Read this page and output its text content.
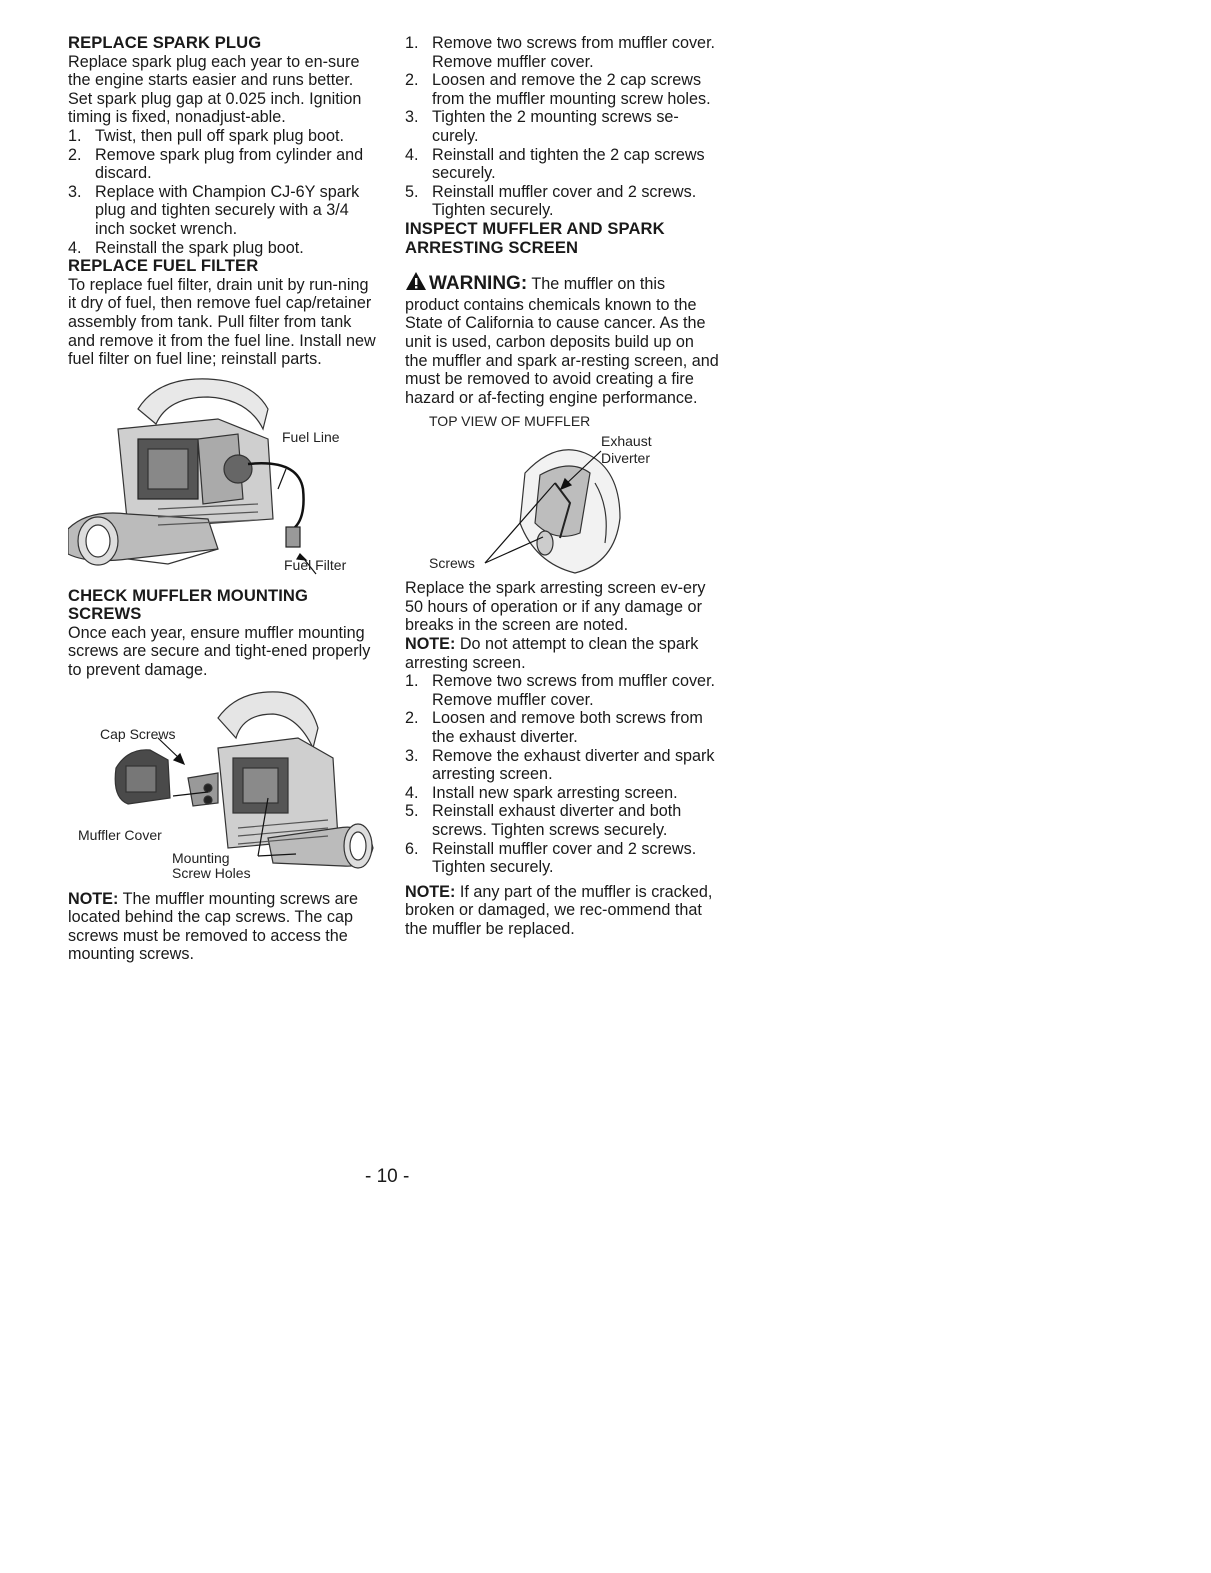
REPLACE SPARK PLUG

Replace spark plug each year to en-sure the engine starts easier and runs better. Set spark plug gap at 0.025 inch. Ignition timing is fixed, nonadjust-able.

1. Twist, then pull off spark plug boot.
2. Remove spark plug from cylinder and discard.
3. Replace with Champion CJ-6Y spark plug and tighten securely with a 3/4 inch socket wrench.
4. Reinstall the spark plug boot.

REPLACE FUEL FILTER

To replace fuel filter, drain unit by run-ning it dry of fuel, then remove fuel cap/retainer assembly from tank. Pull filter from tank and remove it from the fuel line. Install new fuel filter on fuel line; reinstall parts.

Fuel Line
Fuel Filter

CHECK MUFFLER MOUNTING

SCREWS

Once each year, ensure muffler mounting screws are secure and tight-ened properly to prevent damage.

Cap Screws
Muffler Cover
Mounting
Screw Holes

NOTE: The muffler mounting screws are located behind the cap screws. The cap screws must be removed to access the mounting screws.

1. Remove two screws from muffler cover. Remove muffler cover.
2. Loosen and remove the 2 cap screws from the muffler mounting screw holes.
3. Tighten the 2 mounting screws se-curely.
4. Reinstall and tighten the 2 cap screws securely.
5. Reinstall muffler cover and 2 screws. Tighten securely.

INSPECT MUFFLER AND SPARK

ARRESTING SCREEN

WARNING: The muffler on this product contains chemicals known to the State of California to cause cancer. As the unit is used, carbon deposits build up on the muffler and spark ar-resting screen, and must be removed to avoid creating a fire hazard or af-fecting engine performance.

TOP VIEW OF MUFFLER
Exhaust
Diverter
Screws

Replace the spark arresting screen ev-ery 50 hours of operation or if any damage or breaks in the screen are noted.

NOTE: Do not attempt to clean the spark arresting screen.

1. Remove two screws from muffler cover. Remove muffler cover.
2. Loosen and remove both screws from the exhaust diverter.
3. Remove the exhaust diverter and spark arresting screen.
4. Install new spark arresting screen.
5. Reinstall exhaust diverter and both screws. Tighten screws securely.
6. Reinstall muffler cover and 2 screws. Tighten securely.

NOTE: If any part of the muffler is cracked, broken or damaged, we rec-ommend that the muffler be replaced.

- 10 -
